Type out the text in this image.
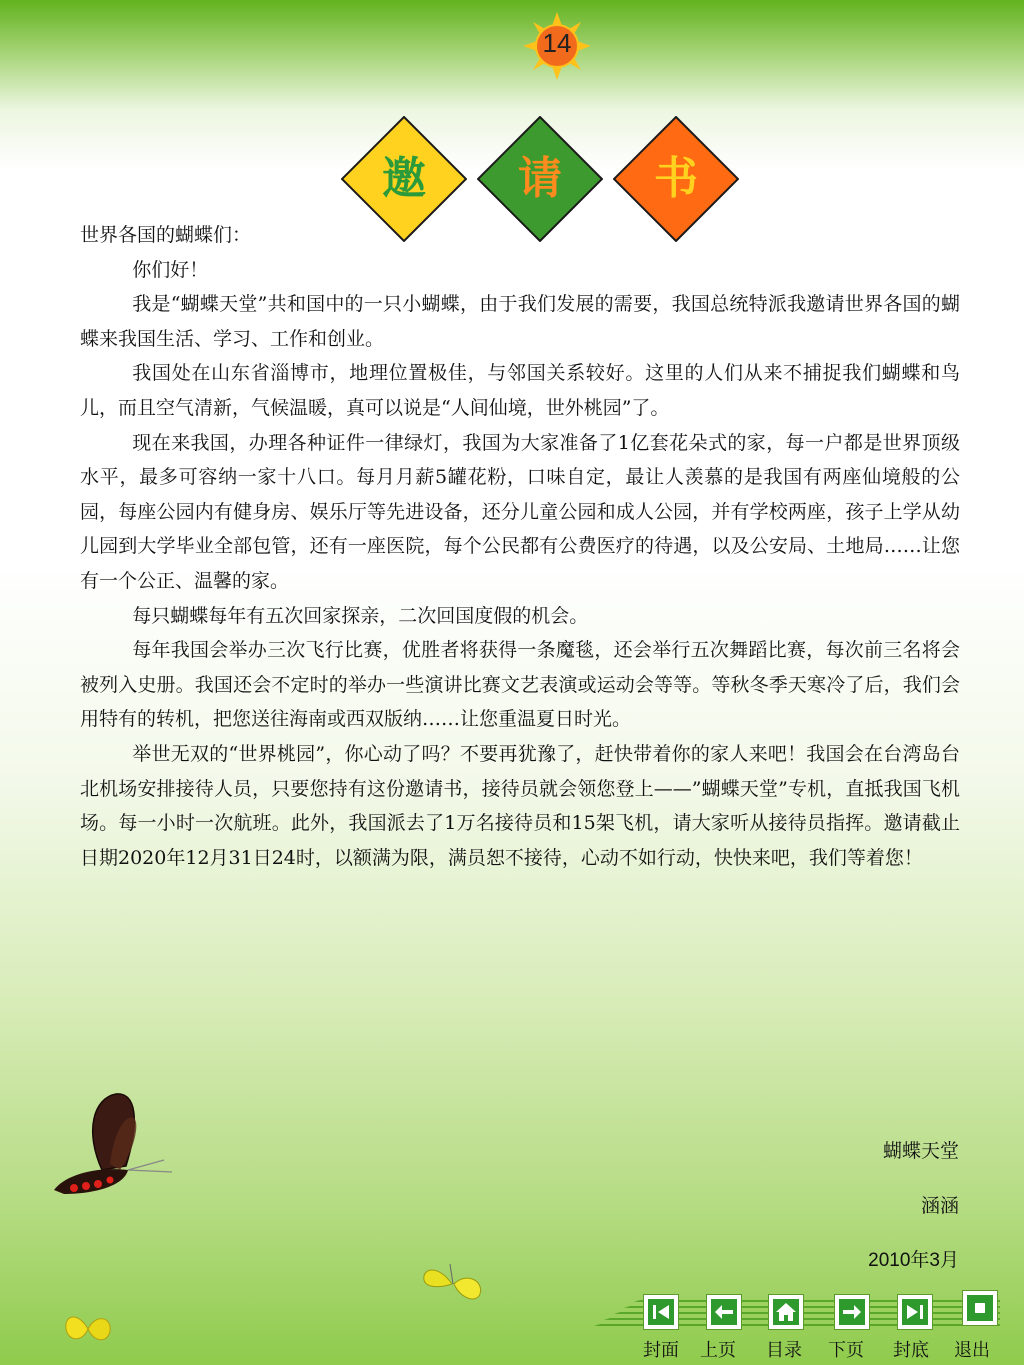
14
邀	请	书

世界各国的蝴蝶们：

你们好！

我是“蝴蝶天堂”共和国中的一只小蝴蝶，由于我们发展的需要，我国总统特派我邀请世界各国的蝴蝶来我国生活、学习、工作和创业。

我国处在山东省淄博市，地理位置极佳，与邻国关系较好。这里的人们从来不捕捉我们蝴蝶和鸟儿，而且空气清新，气候温暖，真可以说是“人间仙境，世外桃园”了。

现在来我国，办理各种证件一律绿灯，我国为大家准备了1亿套花朵式的家，每一户都是世界顶级水平，最多可容纳一家十八口。每月月薪5罐花粉，口味自定，最让人羡慕的是我国有两座仙境般的公园，每座公园内有健身房、娱乐厅等先进设备，还分儿童公园和成人公园，并有学校两座，孩子上学从幼儿园到大学毕业全部包管，还有一座医院，每个公民都有公费医疗的待遇，以及公安局、土地局……让您有一个公正、温馨的家。

每只蝴蝶每年有五次回家探亲，二次回国度假的机会。

每年我国会举办三次飞行比赛，优胜者将获得一条魔毯，还会举行五次舞蹈比赛，每次前三名将会被列入史册。我国还会不定时的举办一些演讲比赛文艺表演或运动会等等。等秋冬季天寒冷了后，我们会用特有的转机，把您送往海南或西双版纳……让您重温夏日时光。

举世无双的“世界桃园”，你心动了吗？不要再犹豫了，赶快带着你的家人来吧！我国会在台湾岛台北机场安排接待人员，只要您持有这份邀请书，接待员就会领您登上——”蝴蝶天堂”专机，直抵我国飞机场。每一小时一次航班。此外，我国派去了1万名接待员和15架飞机，请大家听从接待员指挥。邀请截止日期2020年12月31日24时，以额满为限，满员恕不接待，心动不如行动，快快来吧，我们等着您！

蝴蝶天堂
涵涵
2010年3月
封面 上页 目录 下页 封底 退出
